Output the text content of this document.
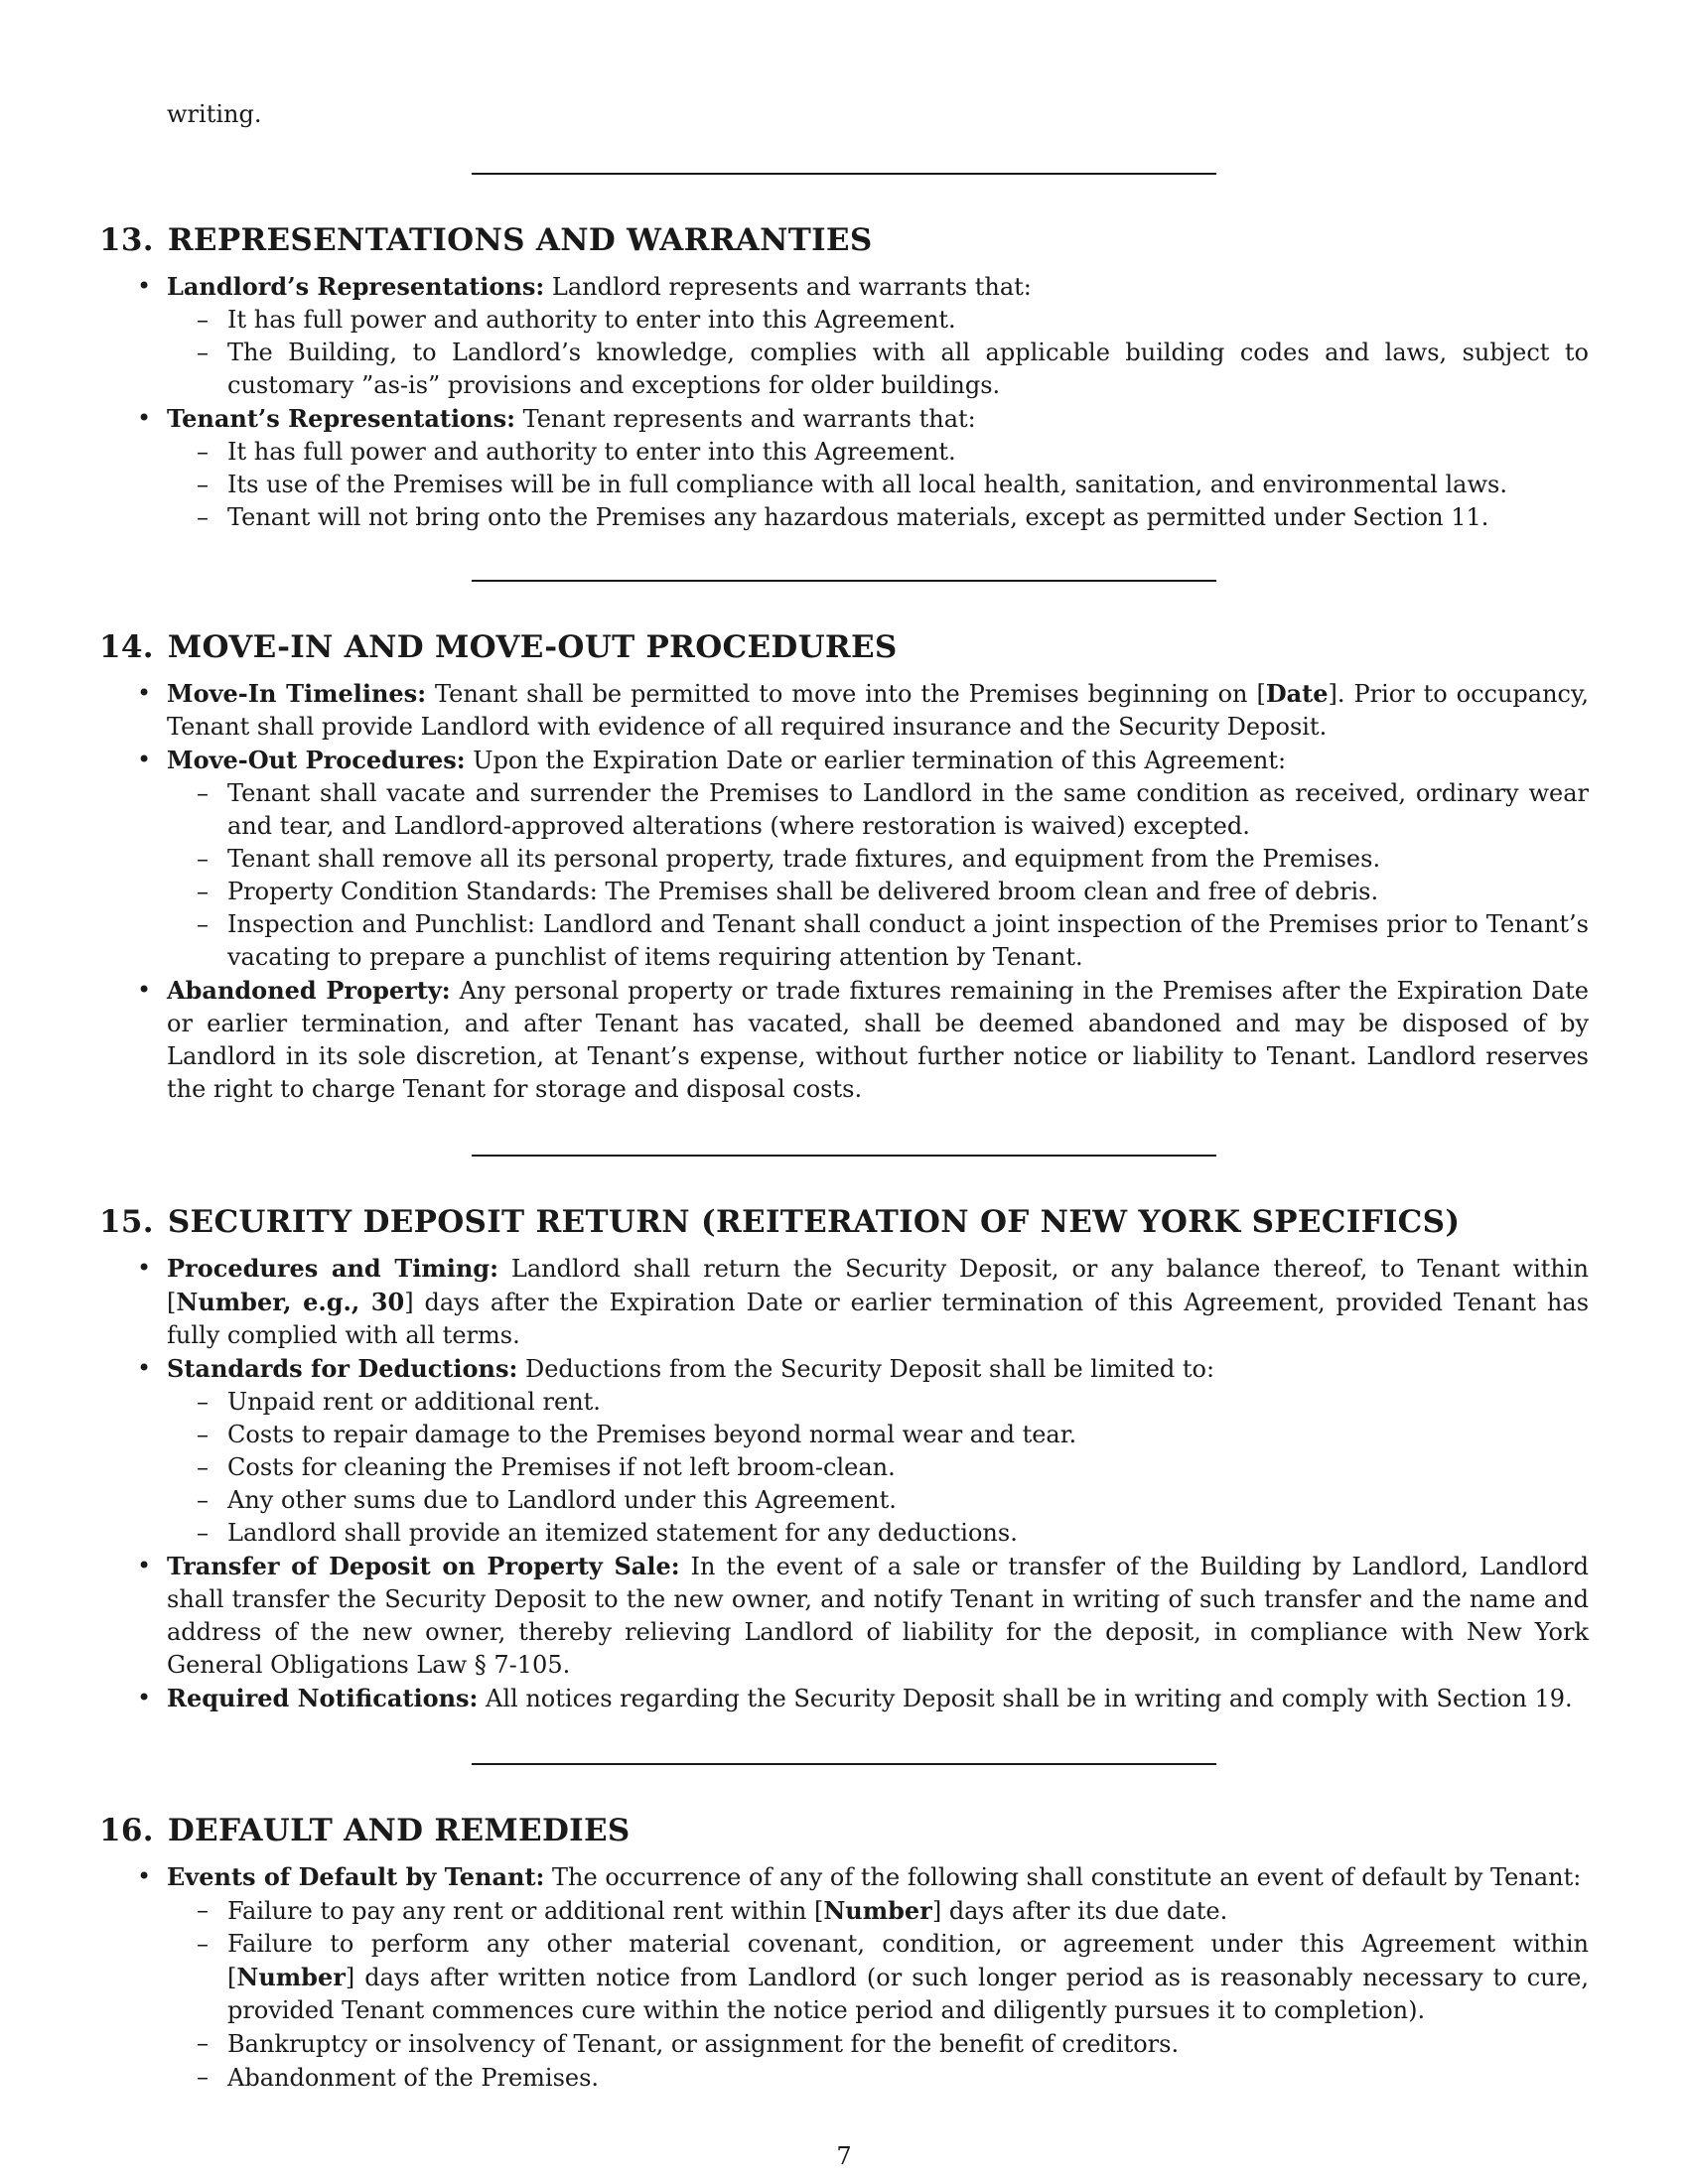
writing.

13. REPRESENTATIONS AND WARRANTIES
• Landlord’s Representations: Landlord represents and warrants that:
– It has full power and authority to enter into this Agreement.
– The Building, to Landlord’s knowledge, complies with all applicable building codes and laws, subject to customary ”as-is” provisions and exceptions for older buildings.
• Tenant’s Representations: Tenant represents and warrants that:
– It has full power and authority to enter into this Agreement.
– Its use of the Premises will be in full compliance with all local health, sanitation, and environmental laws.
– Tenant will not bring onto the Premises any hazardous materials, except as permitted under Section 11.
14. MOVE-IN AND MOVE-OUT PROCEDURES
• Move-In Timelines: Tenant shall be permitted to move into the Premises beginning on [Date]. Prior to occupancy, Tenant shall provide Landlord with evidence of all required insurance and the Security Deposit.
• Move-Out Procedures: Upon the Expiration Date or earlier termination of this Agreement:
– Tenant shall vacate and surrender the Premises to Landlord in the same condition as received, ordinary wear and tear, and Landlord-approved alterations (where restoration is waived) excepted.
– Tenant shall remove all its personal property, trade fixtures, and equipment from the Premises.
– Property Condition Standards: The Premises shall be delivered broom clean and free of debris.
– Inspection and Punchlist: Landlord and Tenant shall conduct a joint inspection of the Premises prior to Tenant’s vacating to prepare a punchlist of items requiring attention by Tenant.
• Abandoned Property: Any personal property or trade fixtures remaining in the Premises after the Expiration Date or earlier termination, and after Tenant has vacated, shall be deemed abandoned and may be disposed of by Landlord in its sole discretion, at Tenant’s expense, without further notice or liability to Tenant. Landlord reserves the right to charge Tenant for storage and disposal costs.
15. SECURITY DEPOSIT RETURN (REITERATION OF NEW YORK SPECIFICS)
• Procedures and Timing: Landlord shall return the Security Deposit, or any balance thereof, to Tenant within [Number, e.g., 30] days after the Expiration Date or earlier termination of this Agreement, provided Tenant has fully complied with all terms.
• Standards for Deductions: Deductions from the Security Deposit shall be limited to:
– Unpaid rent or additional rent.
– Costs to repair damage to the Premises beyond normal wear and tear.
– Costs for cleaning the Premises if not left broom-clean.
– Any other sums due to Landlord under this Agreement.
– Landlord shall provide an itemized statement for any deductions.
• Transfer of Deposit on Property Sale: In the event of a sale or transfer of the Building by Landlord, Landlord shall transfer the Security Deposit to the new owner, and notify Tenant in writing of such transfer and the name and address of the new owner, thereby relieving Landlord of liability for the deposit, in compliance with New York General Obligations Law § 7-105.
• Required Notifications: All notices regarding the Security Deposit shall be in writing and comply with Section 19.
16. DEFAULT AND REMEDIES
• Events of Default by Tenant: The occurrence of any of the following shall constitute an event of default by Tenant:
– Failure to pay any rent or additional rent within [Number] days after its due date.
– Failure to perform any other material covenant, condition, or agreement under this Agreement within [Number] days after written notice from Landlord (or such longer period as is reasonably necessary to cure, provided Tenant commences cure within the notice period and diligently pursues it to completion).
– Bankruptcy or insolvency of Tenant, or assignment for the benefit of creditors.
– Abandonment of the Premises.
7
